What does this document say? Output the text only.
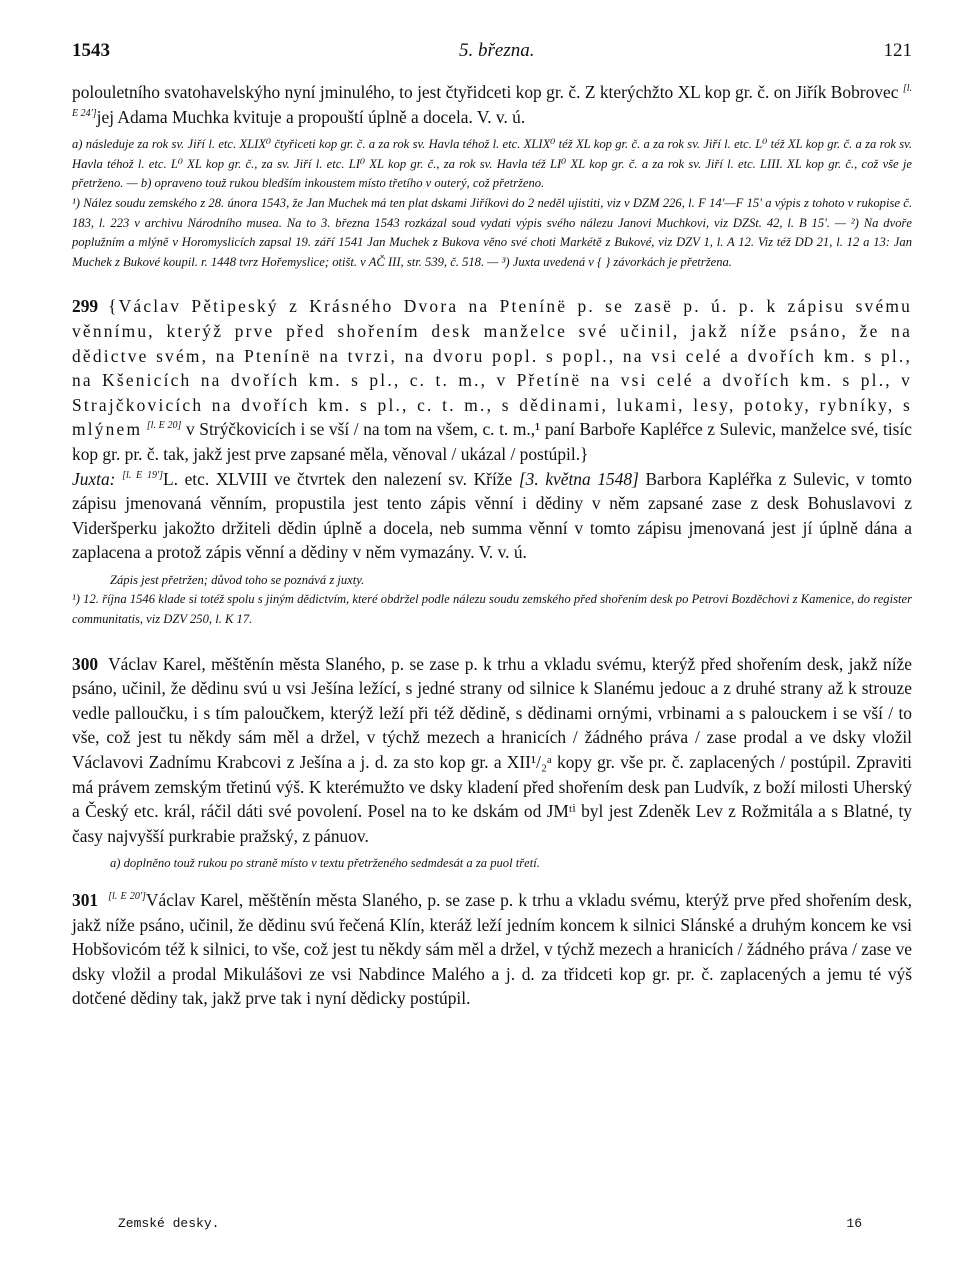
1543	5. března.	121

polouletního svatohavelskýho nyní jminulého, to jest čtyřidceti kop gr. č. Z kterýchžto XL kop gr. č. on Jiřík Bobrovec [l. E 24']jej Adama Muchka kvituje a propouští úplně a docela. V. v. ú.

a) následuje za rok sv. Jiří l. etc. XLIX⁰ čtyřiceti kop gr. č. a za rok sv. Havla téhož l. etc. XLIX⁰ též XL kop gr. č. a za rok sv. Jiří l. etc. L⁰ též XL kop gr. č. a za rok sv. Havla téhož l. etc. L⁰ XL kop gr. č., za sv. Jiří l. etc. LI⁰ XL kop gr. č., za rok sv. Havla též LI⁰ XL kop gr. č. a za rok sv. Jiří l. etc. LIII. XL kop gr. č., což vše je přetrženo. — b) opraveno touž rukou bledším inkoustem místo třetího v outerý, což přetrženo.

¹) Nález soudu zemského z 28. února 1543, že Jan Muchek má ten plat dskami Jiříkovi do 2 neděl ujistiti, viz v DZM 226, l. F 14'—F 15' a výpis z tohoto v rukopise č. 183, l. 223 v archivu Národního musea. Na to 3. března 1543 rozkázal soud vydati výpis svého nálezu Janovi Muchkovi, viz DZSt. 42, l. B 15'. — ²) Na dvoře poplužním a mlýně v Horomyslicích zapsal 19. září 1541 Jan Muchek z Bukova věno své choti Markétě z Bukové, viz DZV 1, l. A 12. Viz též DD 21, l. 12 a 13: Jan Muchek z Bukové koupil. r. 1448 tvrz Hořemyslice; otišt. v AČ III, str. 539, č. 518. — ³) Juxta uvedená v { } závorkách je přetržena.

299 {Václav Pětipeský z Krásného Dvora na Ptenínë p. se zasë p. ú. p. k zápisu svému věnnímu, kterýž prve před shořením desk manželce své učinil, jakž níže psáno, že na dědictve svém, na Ptenínë na tvrzi, na dvoru popl. s popl., na vsi celé a dvořích km. s pl., na Kšenicích na dvořích km. s pl., c. t. m., v Přetínë na vsi celé a dvořích km. s pl., v Strajčkovicích na dvořích km. s pl., c. t. m., s dědinami, lukami, lesy, potoky, rybníky, s mlýnem [l. E 20] v Strýčkovicích i se vší / na tom na všem, c. t. m.,¹ paní Barboře Kapléřce z Sulevic, manželce své, tisíc kop gr. pr. č. tak, jakž jest prve zapsané měla, věnoval / ukázal / postúpil.}

Juxta: [l. E 19']L. etc. XLVIII ve čtvrtek den nalezení sv. Kříže [3. května 1548] Barbora Kapléřka z Sulevic, v tomto zápisu jmenovaná věnním, propustila jest tento zápis věnní i dědiny v něm zapsané zase z desk Bohuslavovi z Videršperku jakožto držiteli dědin úplně a docela, neb summa věnní v tomto zápisu jmenovaná jest jí úplně dána a zaplacena a protož zápis věnní a dědiny v něm vymazány. V. v. ú.

Zápis jest přetržen; důvod toho se poznává z juxty.

¹) 12. října 1546 klade si totéž spolu s jiným dědictvím, které obdržel podle nálezu soudu zemského před shořením desk po Petrovi Bozděchovi z Kamenice, do register communitatis, viz DZV 250, l. K 17.

300 Václav Karel, měštěnín města Slaného, p. se zase p. k trhu a vkladu svému, kterýž před shořením desk, jakž níže psáno, učinil, že dědinu svú u vsi Ješína ležící, s jedné strany od silnice k Slanému jedouc a z druhé strany až k strouze vedle palloučku, i s tím paloučkem, kterýž leží při též dědině, s dědinami ornými, vrbinami a s palouckem i se vší / to vše, což jest tu někdy sám měl a držel, v týchž mezech a hranicích / žádného práva / zase prodal a ve dsky vložil Václavovi Zadnímu Krabcovi z Ješína a j. d. za sto kop gr. a XII¹/₂ᵃ kopy gr. vše pr. č. zaplacených / postúpil. Zpraviti má právem zemským třetinú výš. K kterémužto ve dsky kladení před shořením desk pan Ludvík, z boží milosti Uherský a Český etc. král, ráčil dáti své povolení. Posel na to ke dskám od JMᵗⁱ byl jest Zdeněk Lev z Rožmitála a s Blatné, ty časy najvyšší purkrabie pražský, z pánuov.

a) doplněno touž rukou po straně místo v textu přetrženého sedmdesát a za puol třetí.

301 [l. E 20']Václav Karel, měštěnín města Slaného, p. se zase p. k trhu a vkladu svému, kterýž prve před shořením desk, jakž níže psáno, učinil, že dědinu svú řečená Klín, kteráž leží jedním koncem k silnici Slánské a druhým koncem ke vsi Hobšovicóm též k silnici, to vše, což jest tu někdy sám měl a držel, v týchž mezech a hranicích / žádného práva / zase ve dsky vložil a prodal Mikulášovi ze vsi Nabdince Malého a j. d. za třidceti kop gr. pr. č. zaplacených a jemu té výš dotčené dědiny tak, jakž prve tak i nyní dědicky postúpil.

Zemské desky.	16
